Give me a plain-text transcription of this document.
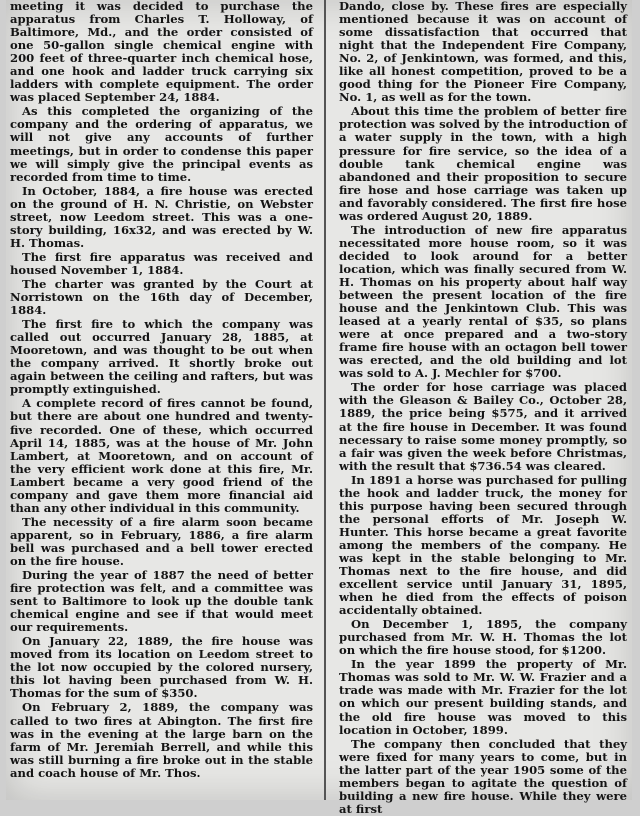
meeting it was decided to purchase the apparatus from Charles T. Holloway, of Baltimore, Md., and the order consisted of one 50-gallon single chemical engine with 200 feet of three-quarter inch chemical hose, and one hook and ladder truck carrying six ladders with complete equipment. The order was placed September 24, 1884.

As this completed the organizing of the company and the ordering of apparatus, we will not give any accounts of further meetings, but in order to condense this paper we will simply give the principal events as recorded from time to time.

In October, 1884, a fire house was erected on the ground of H. N. Christie, on Webster street, now Leedom street. This was a one-story building, 16x32, and was erected by W. H. Thomas.

The first fire apparatus was received and housed November 1, 1884.

The charter was granted by the Court at Norristown on the 16th day of December, 1884.

The first fire to which the company was called out occurred January 28, 1885, at Mooretown, and was thought to be out when the company arrived. It shortly broke out again between the ceiling and rafters, but was promptly extinguished.

A complete record of fires cannot be found, but there are about one hundred and twenty-five recorded. One of these, which occurred April 14, 1885, was at the house of Mr. John Lambert, at Mooretown, and on account of the very efficient work done at this fire, Mr. Lambert became a very good friend of the company and gave them more financial aid than any other individual in this community.

The necessity of a fire alarm soon became apparent, so in February, 1886, a fire alarm bell was purchased and a bell tower erected on the fire house.

During the year of 1887 the need of better fire protection was felt, and a committee was sent to Baltimore to look up the double tank chemical engine and see if that would meet our requirements.

On January 22, 1889, the fire house was moved from its location on Leedom street to the lot now occupied by the colored nursery, this lot having been purchased from W. H. Thomas for the sum of $350.

On February 2, 1889, the company was called to two fires at Abington. The first fire was in the evening at the large barn on the farm of Mr. Jeremiah Berrell, and while this was still burning a fire broke out in the stable and coach house of Mr. Thos.

Dando, close by. These fires are especially mentioned because it was on account of some dissatisfaction that occurred that night that the Independent Fire Company, No. 2, of Jenkintown, was formed, and this, like all honest competition, proved to be a good thing for the Pioneer Fire Company, No. 1, as well as for the town.

About this time the problem of better fire protection was solved by the introduction of a water supply in the town, with a high pressure for fire service, so the idea of a double tank chemical engine was abandoned and their proposition to secure fire hose and hose carriage was taken up and favorably considered. The first fire hose was ordered August 20, 1889.

The introduction of new fire apparatus necessitated more house room, so it was decided to look around for a better location, which was finally secured from W. H. Thomas on his property about half way between the present location of the fire house and the Jenkintown Club. This was leased at a yearly rental of $35, so plans were at once prepared and a two-story frame fire house with an octagon bell tower was erected, and the old building and lot was sold to A. J. Mechler for $700.

The order for hose carriage was placed with the Gleason & Bailey Co., October 28, 1889, the price being $575, and it arrived at the fire house in December. It was found necessary to raise some money promptly, so a fair was given the week before Christmas, with the result that $736.54 was cleared.

In 1891 a horse was purchased for pulling the hook and ladder truck, the money for this purpose having been secured through the personal efforts of Mr. Joseph W. Hunter. This horse became a great favorite among the members of the company. He was kept in the stable belonging to Mr. Thomas next to the fire house, and did excellent service until January 31, 1895, when he died from the effects of poison accidentally obtained.

On December 1, 1895, the company purchased from Mr. W. H. Thomas the lot on which the fire house stood, for $1200.

In the year 1899 the property of Mr. Thomas was sold to Mr. W. W. Frazier and a trade was made with Mr. Frazier for the lot on which our present building stands, and the old fire house was moved to this location in October, 1899.

The company then concluded that they were fixed for many years to come, but in the latter part of the year 1905 some of the members began to agitate the question of building a new fire house. While they were at first
